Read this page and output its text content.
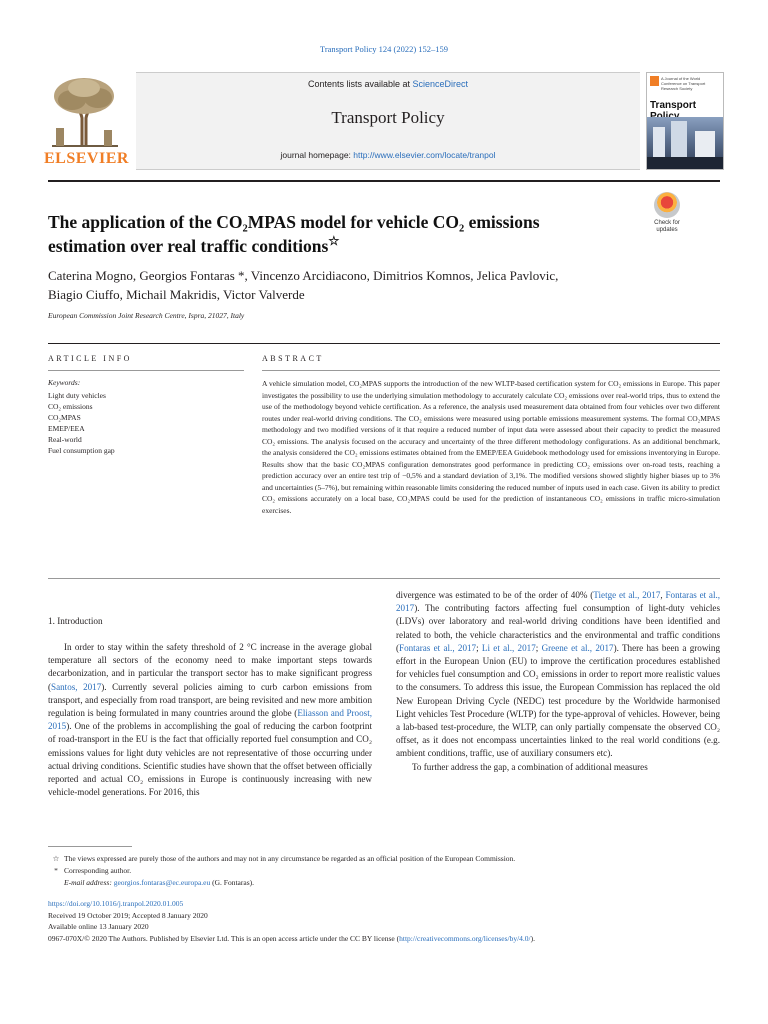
Transport Policy 124 (2022) 152–159
ELSEVIER
Contents lists available at ScienceDirect
Transport Policy
journal homepage: http://www.elsevier.com/locate/tranpol
A Journal of the World Conference on Transport Research Society
Transport
The application of the CO₂MPAS model for vehicle CO₂ emissions
estimation over real traffic conditions☆
Check for
updates
Caterina Mogno, Georgios Fontaras *, Vincenzo Arcidiacono, Dimitrios Komnos, Jelica Pavlovic,
Biagio Ciuffo, Michail Makridis, Victor Valverde
European Commission Joint Research Centre, Ispra, 21027, Italy
ARTICLE INFO	ABSTRACT
Keywords:
Light duty vehicles
CO₂ emissions
CO₂MPAS
EMEP/EEA
Real-world
Fuel consumption gap
A vehicle simulation model, CO₂MPAS supports the introduction of the new WLTP-based certification system for CO₂ emissions in Europe. This paper investigates the possibility to use the underlying simulation methodology to accurately calculate CO₂ emissions over real-world trips, thus to extend the use of the methodology beyond vehicle certification. As a reference, the analysis used measurement data obtained from four vehicles over two different routes under real-world driving conditions. The CO₂ emissions were measured using portable emissions measurement systems. The formal CO₂MPAS methodology and two modified versions of it that require a reduced number of input data were assessed about their capacity to predict the measured CO₂ emissions. The analysis focused on the accuracy and uncertainty of the three different methodology configurations. As an additional benchmark, the analysis considered the CO₂ emissions estimates obtained from the EMEP/EEA Guidebook methodology used for emissions inventorying in Europe. Results show that the basic CO₂MPAS configuration demonstrates good performance in predicting CO₂ emissions over on-road tests, reaching a prediction accuracy over an entire test trip of −0,5% and a standard deviation of 3,1%. The modified versions showed slightly higher biases up to 3% and uncertainties (5–7%), but remaining within reasonable limits considering the reduced number of inputs used in each case. Given its ability to predict CO₂ emissions accurately on a local base, CO₂MPAS could be used for the prediction of instantaneous CO₂ emissions in traffic micro-simulation exercises.
1. Introduction

In order to stay within the safety threshold of 2 °C increase in the average global temperature all sectors of the economy need to make important steps towards decarbonization, and in particular the transport sector has to make significant progress (Santos, 2017). Currently several policies aiming to curb carbon emissions from transport, and especially from road transport, are being revisited and new more ambition regulation is being formulated in many countries around the globe (Eliasson and Proost, 2015). One of the problems in accomplishing the goal of reducing the carbon footprint of road-transport in the EU is the fact that officially reported fuel consumption and CO₂ emissions values for light duty vehicles are not representative of those occurring under actual driving conditions. Scientific studies have shown that the offset between officially reported and actual CO₂ emissions in Europe is continuously increasing with new vehicle-model generations. For 2016, this

divergence was estimated to be of the order of 40% (Tietge et al., 2017, Fontaras et al., 2017). The contributing factors affecting fuel consumption of light-duty vehicles (LDVs) over laboratory and real-world driving conditions have been identified and related to both, the vehicle characteristics and the environmental and traffic conditions (Fontaras et al., 2017; Li et al., 2017; Greene et al., 2017). There has been a growing effort in the European Union (EU) to improve the certification procedures established for vehicles fuel consumption and CO₂ emissions in order to report more realistic values to the consumers. To address this issue, the European Commission has replaced the old New European Driving Cycle (NEDC) test procedure by the Worldwide harmonised Light vehicles Test Procedure (WLTP) for the type-approval of vehicles. However, being a lab-based test-procedure, the WLTP, can only partially compensate the observed CO₂ offset, as it does not encompass uncertainties linked to the real world conditions (e.g. ambient conditions, traffic, use of auxiliary consumers etc).

To further address the gap, a combination of additional measures

☆ The views expressed are purely those of the authors and may not in any circumstance be regarded as an official position of the European Commission.
* Corresponding author.
E-mail address: georgios.fontaras@ec.europa.eu (G. Fontaras).
https://doi.org/10.1016/j.tranpol.2020.01.005
Received 19 October 2019; Accepted 8 January 2020
Available online 13 January 2020
0967-070X/© 2020 The Authors. Published by Elsevier Ltd. This is an open access article under the CC BY license (http://creativecommons.org/licenses/by/4.0/).
